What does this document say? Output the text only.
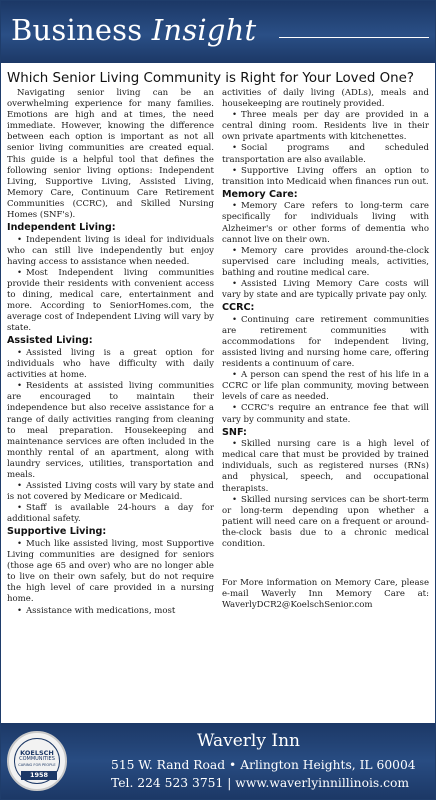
Business Insight
Which Senior Living Community is Right for Your Loved One?

Navigating senior living can be an overwhelming experience for many families. Emotions are high and at times, the need immediate. However, knowing the difference between each option is important as not all senior living communities are created equal. This guide is a helpful tool that defines the following senior living options: Independent Living, Supportive Living, Assisted Living, Memory Care, Continuum Care Retirement Communities (CCRC), and Skilled Nursing Homes (SNF's).

Independent Living:

• Independent living is ideal for individuals who can still live independently but enjoy having access to assistance when needed.

• Most Independent living communities provide their residents with convenient access to dining, medical care, entertainment and more. According to SeniorHomes.com, the average cost of Independent Living will vary by state.

Assisted Living:

• Assisted living is a great option for individuals who have difficulty with daily activities at home.

• Residents at assisted living communities are encouraged to maintain their independence but also receive assistance for a range of daily activities ranging from cleaning to meal preparation. Housekeeping and maintenance services are often included in the monthly rental of an apartment, along with laundry services, utilities, transportation and meals.

• Assisted Living costs will vary by state and is not covered by Medicare or Medicaid.

• Staff is available 24-hours a day for additional safety.

Supportive Living:

• Much like assisted living, most Supportive Living communities are designed for seniors (those age 65 and over) who are no longer able to live on their own safely, but do not require the high level of care provided in a nursing home.

• Assistance with medications, most

activities of daily living (ADLs), meals and housekeeping are routinely provided.

• Three meals per day are provided in a central dining room. Residents live in their own private apartments with kitchenettes.

• Social programs and scheduled transportation are also available.

• Supportive Living offers an option to transition into Medicaid when finances run out.

Memory Care:

• Memory Care refers to long-term care specifically for individuals living with Alzheimer's or other forms of dementia who cannot live on their own.

• Memory care provides around-the-clock supervised care including meals, activities, bathing and routine medical care.

• Assisted Living Memory Care costs will vary by state and are typically private pay only.

CCRC:

• Continuing care retirement communities are retirement communities with accommodations for independent living, assisted living and nursing home care, offering residents a continuum of care.

• A person can spend the rest of his life in a CCRC or life plan community, moving between levels of care as needed.

• CCRC's require an entrance fee that will vary by community and state.

SNF:

• Skilled nursing care is a high level of medical care that must be provided by trained individuals, such as registered nurses (RNs) and physical, speech, and occupational therapists.

• Skilled nursing services can be short-term or long-term depending upon whether a patient will need care on a frequent or around-the-clock basis due to a chronic medical condition.

For More information on Memory Care, please e-mail Waverly Inn Memory Care at: WaverlyDCR2@KoelschSenior.com

KOELSCH
COMMUNITIES
CARING FOR PEOPLE
1958
Waverly Inn
515 W. Rand Road • Arlington Heights, IL 60004
Tel. 224 523 3751 | www.waverlyinnillinois.com
